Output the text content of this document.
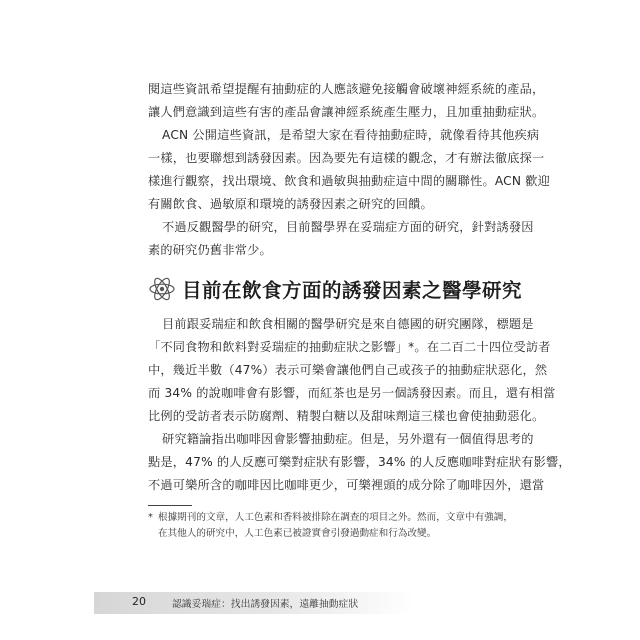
閱這些資訊希望提醒有抽動症的人應該避免接觸會破壞神經系統的產品，
讓人們意識到這些有害的產品會讓神經系統產生壓力，且加重抽動症狀。
ACN 公開這些資訊，是希望大家在看待抽動症時，就像看待其他疾病
一樣，也要聯想到誘發因素。因為要先有這樣的觀念，才有辦法徹底探一
樣進行觀察，找出環境、飲食和過敏與抽動症這中間的關聯性。ACN 歡迎
有關飲食、過敏原和環境的誘發因素之研究的回饋。
不過反觀醫學的研究，目前醫學界在妥瑞症方面的研究，針對誘發因
素的研究仍舊非常少。
目前在飲食方面的誘發因素之醫學研究
目前跟妥瑞症和飲食相關的醫學研究是來自德國的研究團隊，標題是
「不同食物和飲料對妥瑞症的抽動症狀之影響」*。在二百二十四位受訪者
中，幾近半數（47%）表示可樂會讓他們自己或孩子的抽動症狀惡化，然
而 34% 的說咖啡會有影響，而紅茶也是另一個誘發因素。而且，還有相當
比例的受訪者表示防腐劑、精製白糖以及甜味劑這三樣也會使抽動惡化。
研究籍論指出咖啡因會影響抽動症。但是，另外還有一個值得思考的
點是，47% 的人反應可樂對症狀有影響，34% 的人反應咖啡對症狀有影響，
不過可樂所含的咖啡因比咖啡更少，可樂裡頭的成分除了咖啡因外，還當
* 根據期刊的文章，人工色素和香料被排除在調查的項目之外。然而，文章中有強調，
在其他人的研究中，人工色素已被證實會引發過動症和行為改變。
20	認識妥瑞症：找出誘發因素，遠離抽動症狀
